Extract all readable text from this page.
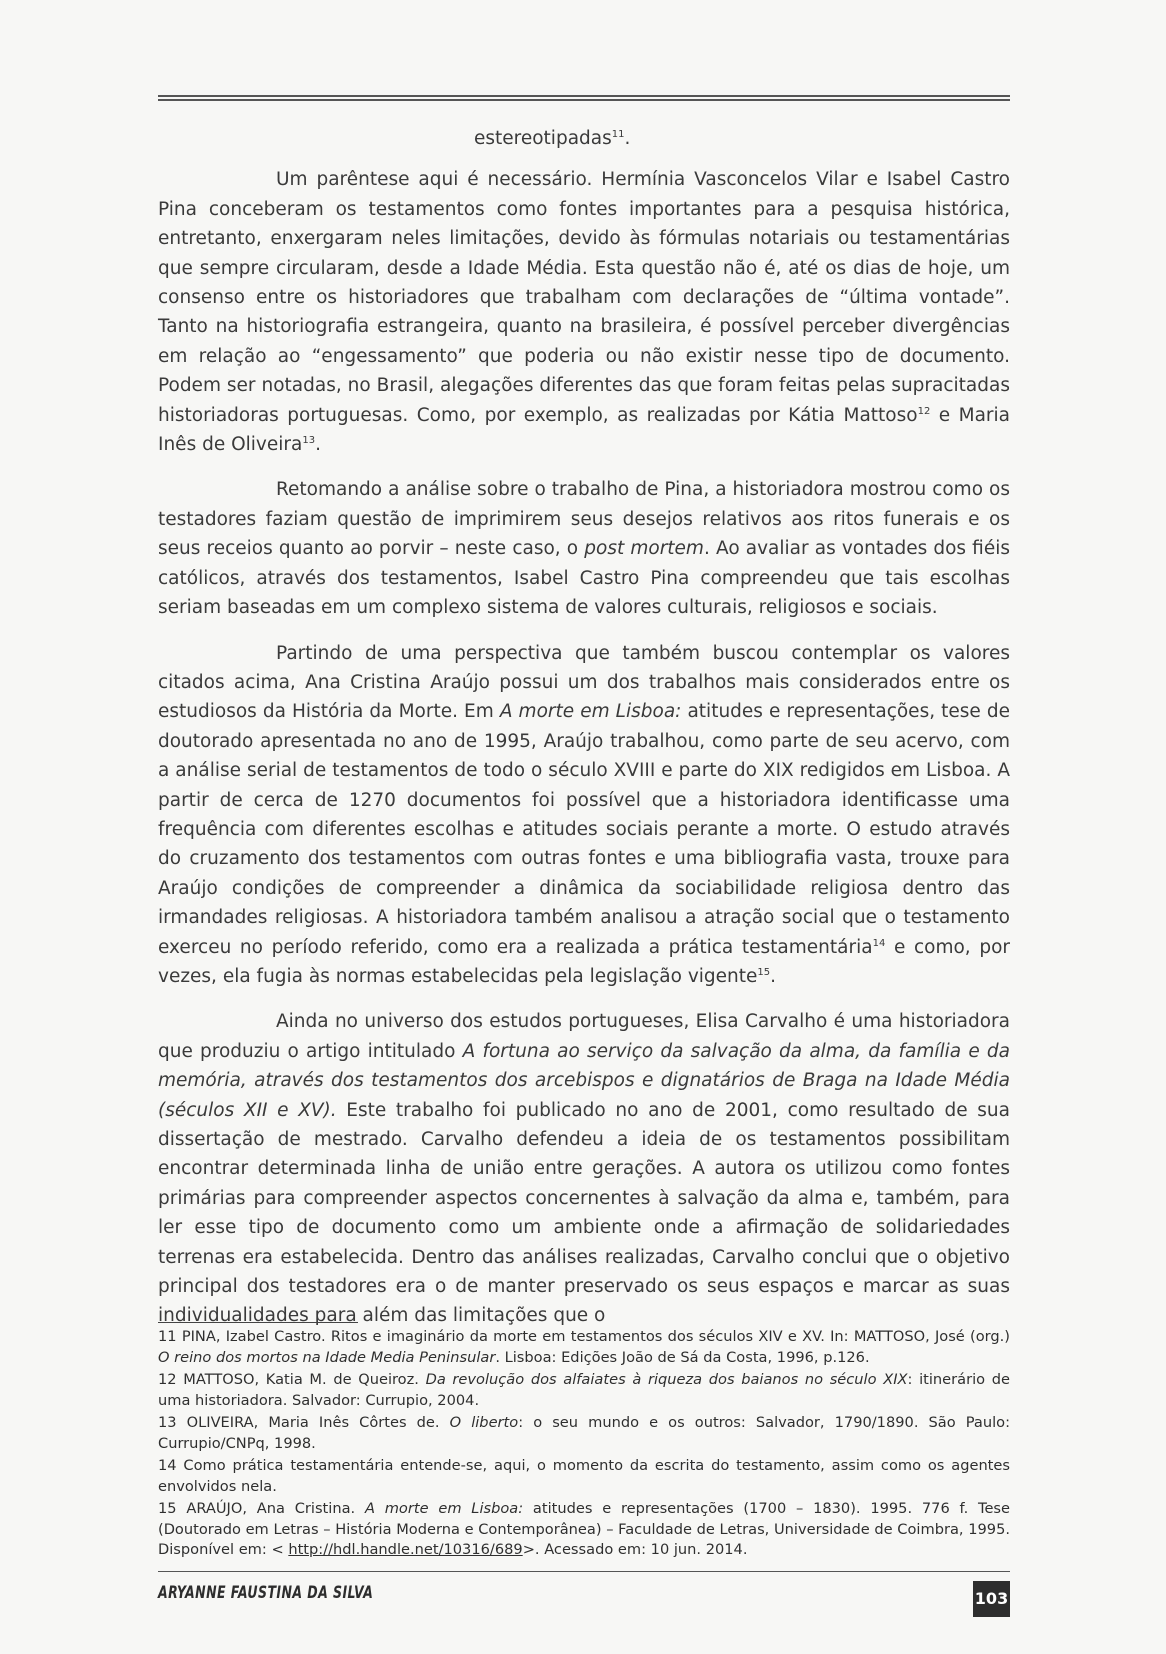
estereotipadas$^{11}$.

Um parêntese aqui é necessário. Hermínia Vasconcelos Vilar e Isabel Castro Pina conceberam os testamentos como fontes importantes para a pesquisa histórica, entretanto, enxergaram neles limitações, devido às fórmulas notariais ou testamentárias que sempre circularam, desde a Idade Média. Esta questão não é, até os dias de hoje, um consenso entre os historiadores que trabalham com declarações de “última vontade”. Tanto na historiografia estrangeira, quanto na brasileira, é possível perceber divergências em relação ao “engessamento” que poderia ou não existir nesse tipo de documento. Podem ser notadas, no Brasil, alegações diferentes das que foram feitas pelas supracitadas historiadoras portuguesas. Como, por exemplo, as realizadas por Kátia Mattoso$^{12}$ e Maria Inês de Oliveira$^{13}$.

Retomando a análise sobre o trabalho de Pina, a historiadora mostrou como os testadores faziam questão de imprimirem seus desejos relativos aos ritos funerais e os seus receios quanto ao porvir – neste caso, o post mortem. Ao avaliar as vontades dos fiéis católicos, através dos testamentos, Isabel Castro Pina compreendeu que tais escolhas seriam baseadas em um complexo sistema de valores culturais, religiosos e sociais.

Partindo de uma perspectiva que também buscou contemplar os valores citados acima, Ana Cristina Araújo possui um dos trabalhos mais considerados entre os estudiosos da História da Morte. Em A morte em Lisboa: atitudes e representações, tese de doutorado apresentada no ano de 1995, Araújo trabalhou, como parte de seu acervo, com a análise serial de testamentos de todo o século XVIII e parte do XIX redigidos em Lisboa. A partir de cerca de 1270 documentos foi possível que a historiadora identificasse uma frequência com diferentes escolhas e atitudes sociais perante a morte. O estudo através do cruzamento dos testamentos com outras fontes e uma bibliografia vasta, trouxe para Araújo condições de compreender a dinâmica da sociabilidade religiosa dentro das irmandades religiosas. A historiadora também analisou a atração social que o testamento exerceu no período referido, como era a realizada a prática testamentária$^{14}$ e como, por vezes, ela fugia às normas estabelecidas pela legislação vigente$^{15}$.

Ainda no universo dos estudos portugueses, Elisa Carvalho é uma historiadora que produziu o artigo intitulado A fortuna ao serviço da salvação da alma, da família e da memória, através dos testamentos dos arcebispos e dignatários de Braga na Idade Média (séculos XII e XV). Este trabalho foi publicado no ano de 2001, como resultado de sua dissertação de mestrado. Carvalho defendeu a ideia de os testamentos possibilitam encontrar determinada linha de união entre gerações. A autora os utilizou como fontes primárias para compreender aspectos concernentes à salvação da alma e, também, para ler esse tipo de documento como um ambiente onde a afirmação de solidariedades terrenas era estabelecida. Dentro das análises realizadas, Carvalho conclui que o objetivo principal dos testadores era o de manter preservado os seus espaços e marcar as suas individualidades para além das limitações que o

11 PINA, Izabel Castro. Ritos e imaginário da morte em testamentos dos séculos XIV e XV. In: MATTOSO, José (org.) O reino dos mortos na Idade Media Peninsular. Lisboa: Edições João de Sá da Costa, 1996, p.126.
12 MATTOSO, Katia M. de Queiroz. Da revolução dos alfaiates à riqueza dos baianos no século XIX: itinerário de uma historiadora. Salvador: Currupio, 2004.
13 OLIVEIRA, Maria Inês Côrtes de. O liberto: o seu mundo e os outros: Salvador, 1790/1890. São Paulo: Currupio/CNPq, 1998.
14 Como prática testamentária entende-se, aqui, o momento da escrita do testamento, assim como os agentes envolvidos nela.
15 ARAÚJO, Ana Cristina. A morte em Lisboa: atitudes e representações (1700 – 1830). 1995. 776 f. Tese (Doutorado em Letras – História Moderna e Contemporânea) – Faculdade de Letras, Universidade de Coimbra, 1995. Disponível em: < http://hdl.handle.net/10316/689>. Acessado em: 10 jun. 2014.
ARYANNE FAUSTINA DA SILVA	103
